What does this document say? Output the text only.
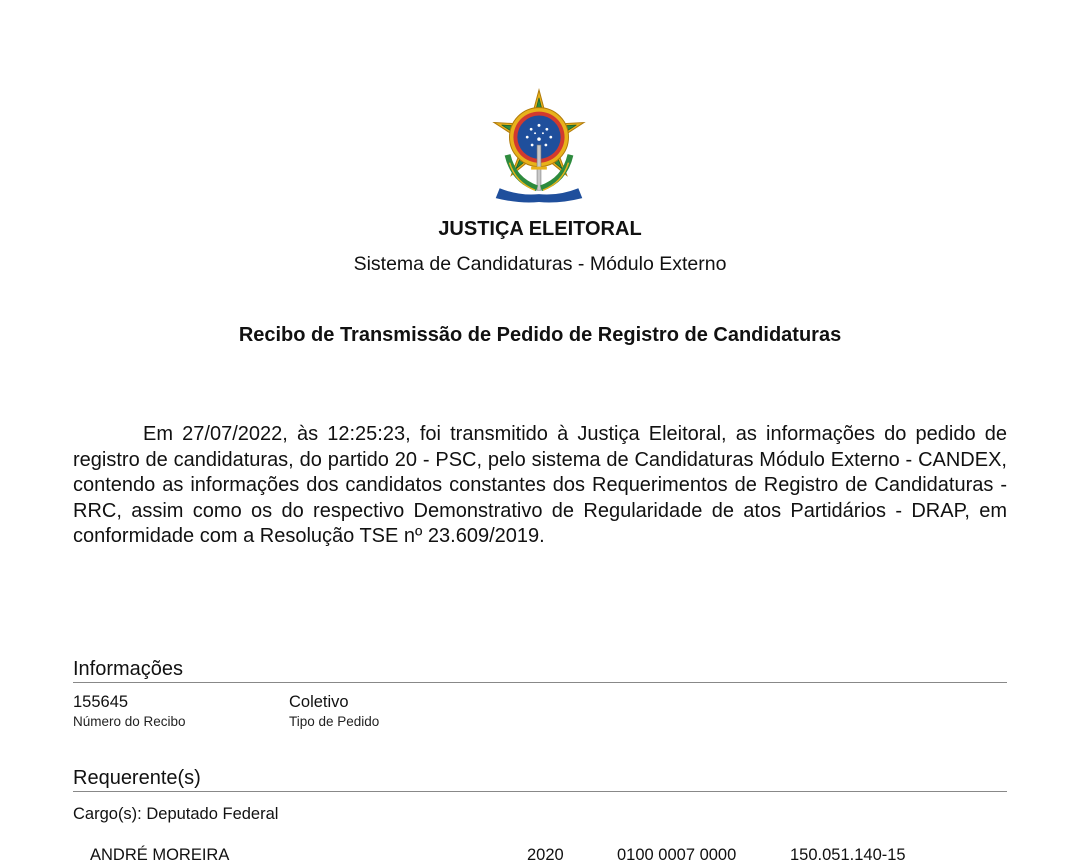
JUSTIÇA ELEITORAL
Sistema de Candidaturas - Módulo Externo
Recibo de Transmissão de Pedido de Registro de Candidaturas
Em 27/07/2022, às 12:25:23, foi transmitido à Justiça Eleitoral, as informações do pedido de registro de candidaturas, do partido 20 - PSC, pelo sistema de Candidaturas Módulo Externo - CANDEX, contendo as informações dos candidatos constantes dos Requerimentos de Registro de Candidaturas - RRC, assim como os do respectivo Demonstrativo de Regularidade de atos Partidários - DRAP, em conformidade com a Resolução TSE nº 23.609/2019.
Informações
155645
Número do Recibo
Coletivo
Tipo de Pedido
Requerente(s)
Cargo(s): Deputado Federal
ANDRÉ MOREIRA	2020	0100 0007 0000	150.051.140-15
